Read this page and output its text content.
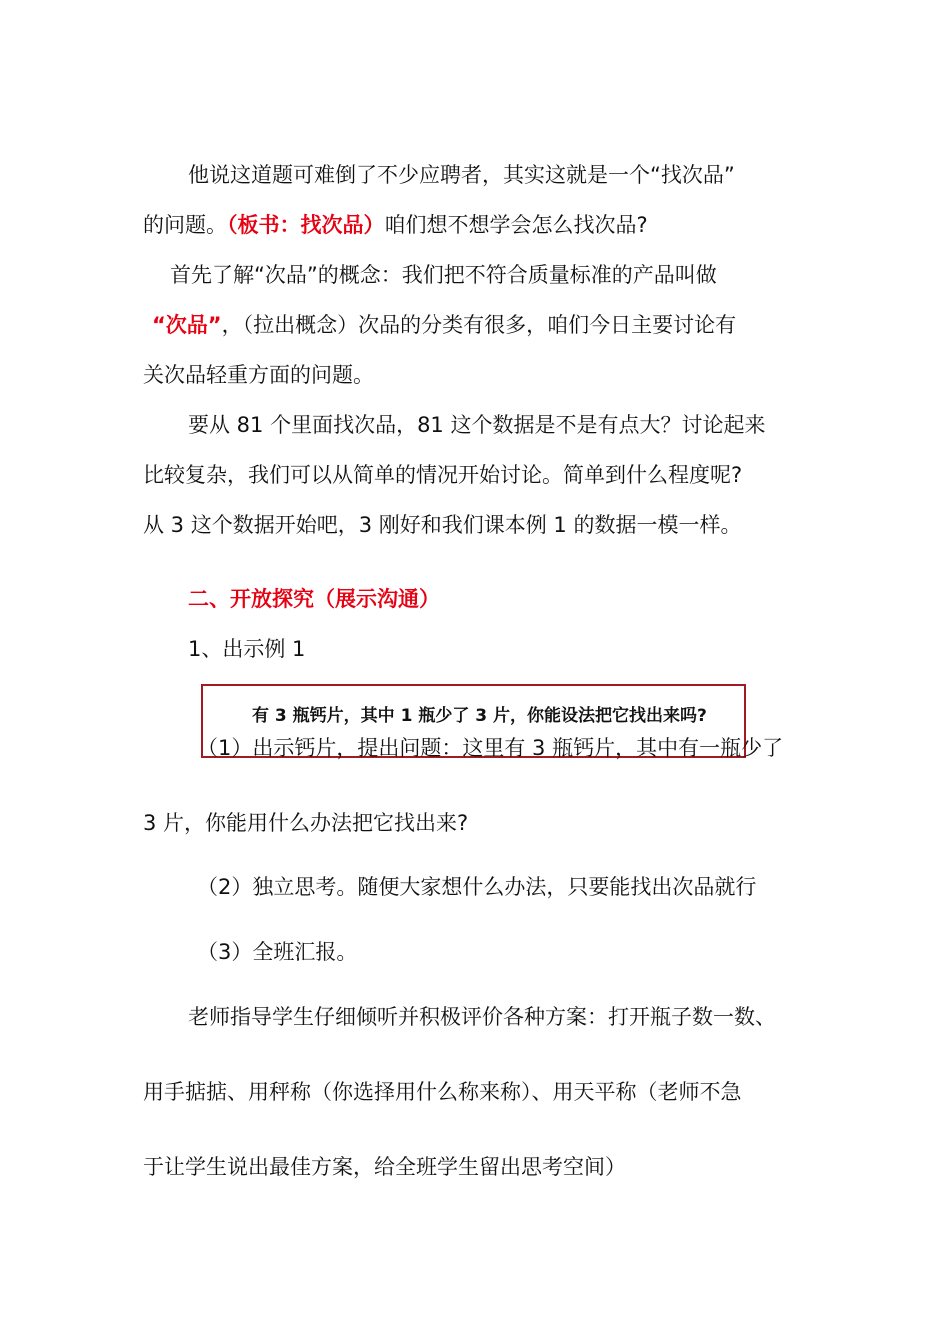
他说这道题可难倒了不少应聘者，其实这就是一个“找次品”
的问题。（板书：找次品）咱们想不想学会怎么找次品?
首先了解“次品”的概念：我们把不符合质量标准的产品叫做
“次品”，（拉出概念）次品的分类有很多，咱们今日主要讨论有
关次品轻重方面的问题。
要从 81 个里面找次品，81 这个数据是不是有点大？讨论起来
比较复杂，我们可以从简单的情况开始讨论。简单到什么程度呢?
从 3 这个数据开始吧，3 刚好和我们课本例 1 的数据一模一样。
二、开放探究（展示沟通）
1、出示例 1
有 3 瓶钙片，其中 1 瓶少了 3 片，你能设法把它找出来吗?
（1）出示钙片，提出问题：这里有 3 瓶钙片，其中有一瓶少了
3 片，你能用什么办法把它找出来?
（2）独立思考。随便大家想什么办法，只要能找出次品就行
（3）全班汇报。
老师指导学生仔细倾听并积极评价各种方案：打开瓶子数一数、
用手掂掂、用秤称（你选择用什么称来称）、用天平称（老师不急
于让学生说出最佳方案，给全班学生留出思考空间）
